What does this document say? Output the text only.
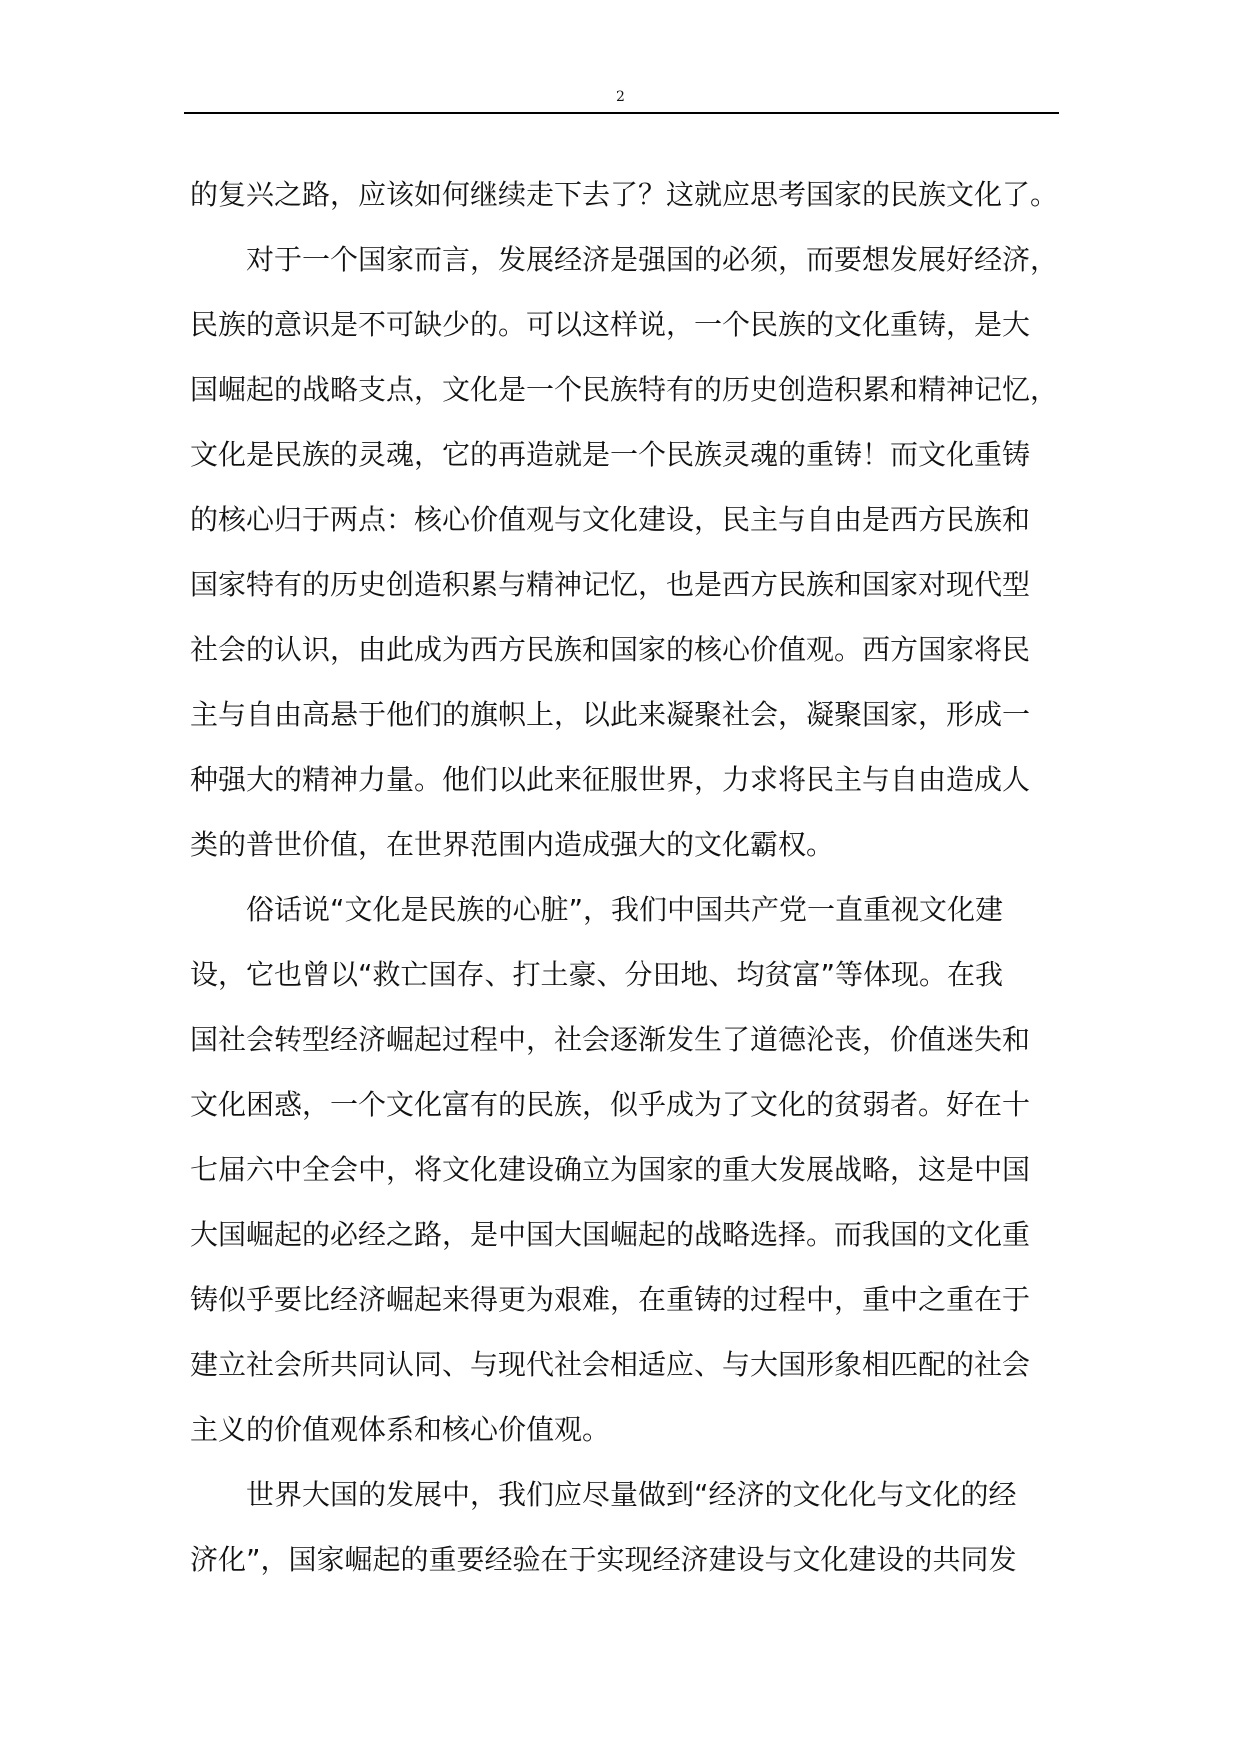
2
的复兴之路，应该如何继续走下去了？这就应思考国家的民族文化了。
对于一个国家而言，发展经济是强国的必须，而要想发展好经济，
民族的意识是不可缺少的。可以这样说，一个民族的文化重铸，是大
国崛起的战略支点，文化是一个民族特有的历史创造积累和精神记忆，
文化是民族的灵魂，它的再造就是一个民族灵魂的重铸！而文化重铸
的核心归于两点：核心价值观与文化建设，民主与自由是西方民族和
国家特有的历史创造积累与精神记忆，也是西方民族和国家对现代型
社会的认识，由此成为西方民族和国家的核心价值观。西方国家将民
主与自由高悬于他们的旗帜上，以此来凝聚社会，凝聚国家，形成一
种强大的精神力量。他们以此来征服世界，力求将民主与自由造成人
类的普世价值，在世界范围内造成强大的文化霸权。
俗话说“文化是民族的心脏”，我们中国共产党一直重视文化建
设，它也曾以“救亡国存、打土豪、分田地、均贫富”等体现。在我
国社会转型经济崛起过程中，社会逐渐发生了道德沦丧，价值迷失和
文化困惑，一个文化富有的民族，似乎成为了文化的贫弱者。好在十
七届六中全会中，将文化建设确立为国家的重大发展战略，这是中国
大国崛起的必经之路，是中国大国崛起的战略选择。而我国的文化重
铸似乎要比经济崛起来得更为艰难，在重铸的过程中，重中之重在于
建立社会所共同认同、与现代社会相适应、与大国形象相匹配的社会
主义的价值观体系和核心价值观。
世界大国的发展中，我们应尽量做到“经济的文化化与文化的经
济化”，国家崛起的重要经验在于实现经济建设与文化建设的共同发
